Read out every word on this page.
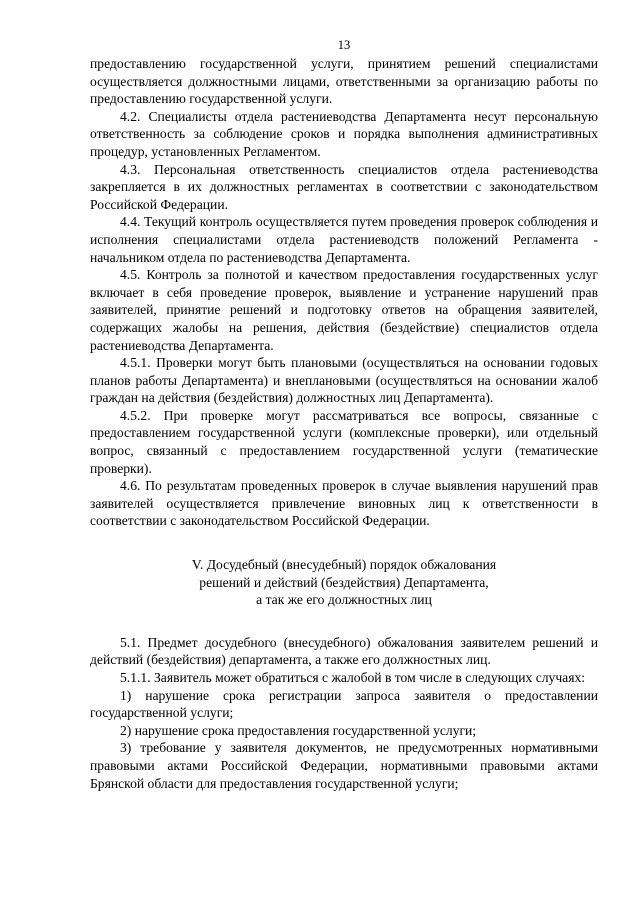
13

предоставлению государственной услуги, принятием решений специалистами осуществляется должностными лицами, ответственными за организацию работы по предоставлению государственной услуги.

4.2. Специалисты отдела растениеводства Департамента несут персональную ответственность за соблюдение сроков и порядка выполнения административных процедур, установленных Регламентом.

4.3. Персональная ответственность специалистов отдела растениеводства закрепляется в их должностных регламентах в соответствии с законодательством Российской Федерации.

4.4. Текущий контроль осуществляется путем проведения проверок соблюдения и исполнения специалистами отдела растениеводств положений Регламента - начальником отдела по растениеводства Департамента.

4.5. Контроль за полнотой и качеством предоставления государственных услуг включает в себя проведение проверок, выявление и устранение нарушений прав заявителей, принятие решений и подготовку ответов на обращения заявителей, содержащих жалобы на решения, действия (бездействие) специалистов отдела растениеводства Департамента.

4.5.1. Проверки могут быть плановыми (осуществляться на основании годовых планов работы Департамента) и внеплановыми (осуществляться на основании жалоб граждан на действия (бездействия) должностных лиц Департамента).

4.5.2. При проверке могут рассматриваться все вопросы, связанные с предоставлением государственной услуги (комплексные проверки), или отдельный вопрос, связанный с предоставлением государственной услуги (тематические проверки).

4.6. По результатам проведенных проверок в случае выявления нарушений прав заявителей осуществляется привлечение виновных лиц к ответственности в соответствии с законодательством Российской Федерации.

V. Досудебный (внесудебный) порядок обжалования
решений и действий (бездействия) Департамента,
а так же его должностных лиц

5.1. Предмет досудебного (внесудебного) обжалования заявителем решений и действий (бездействия) департамента, а также его должностных лиц.

5.1.1. Заявитель может обратиться с жалобой в том числе в следующих случаях:

1) нарушение срока регистрации запроса заявителя о предоставлении государственной услуги;

2) нарушение срока предоставления государственной услуги;

3) требование у заявителя документов, не предусмотренных нормативными правовыми актами Российской Федерации, нормативными правовыми актами Брянской области для предоставления государственной услуги;
